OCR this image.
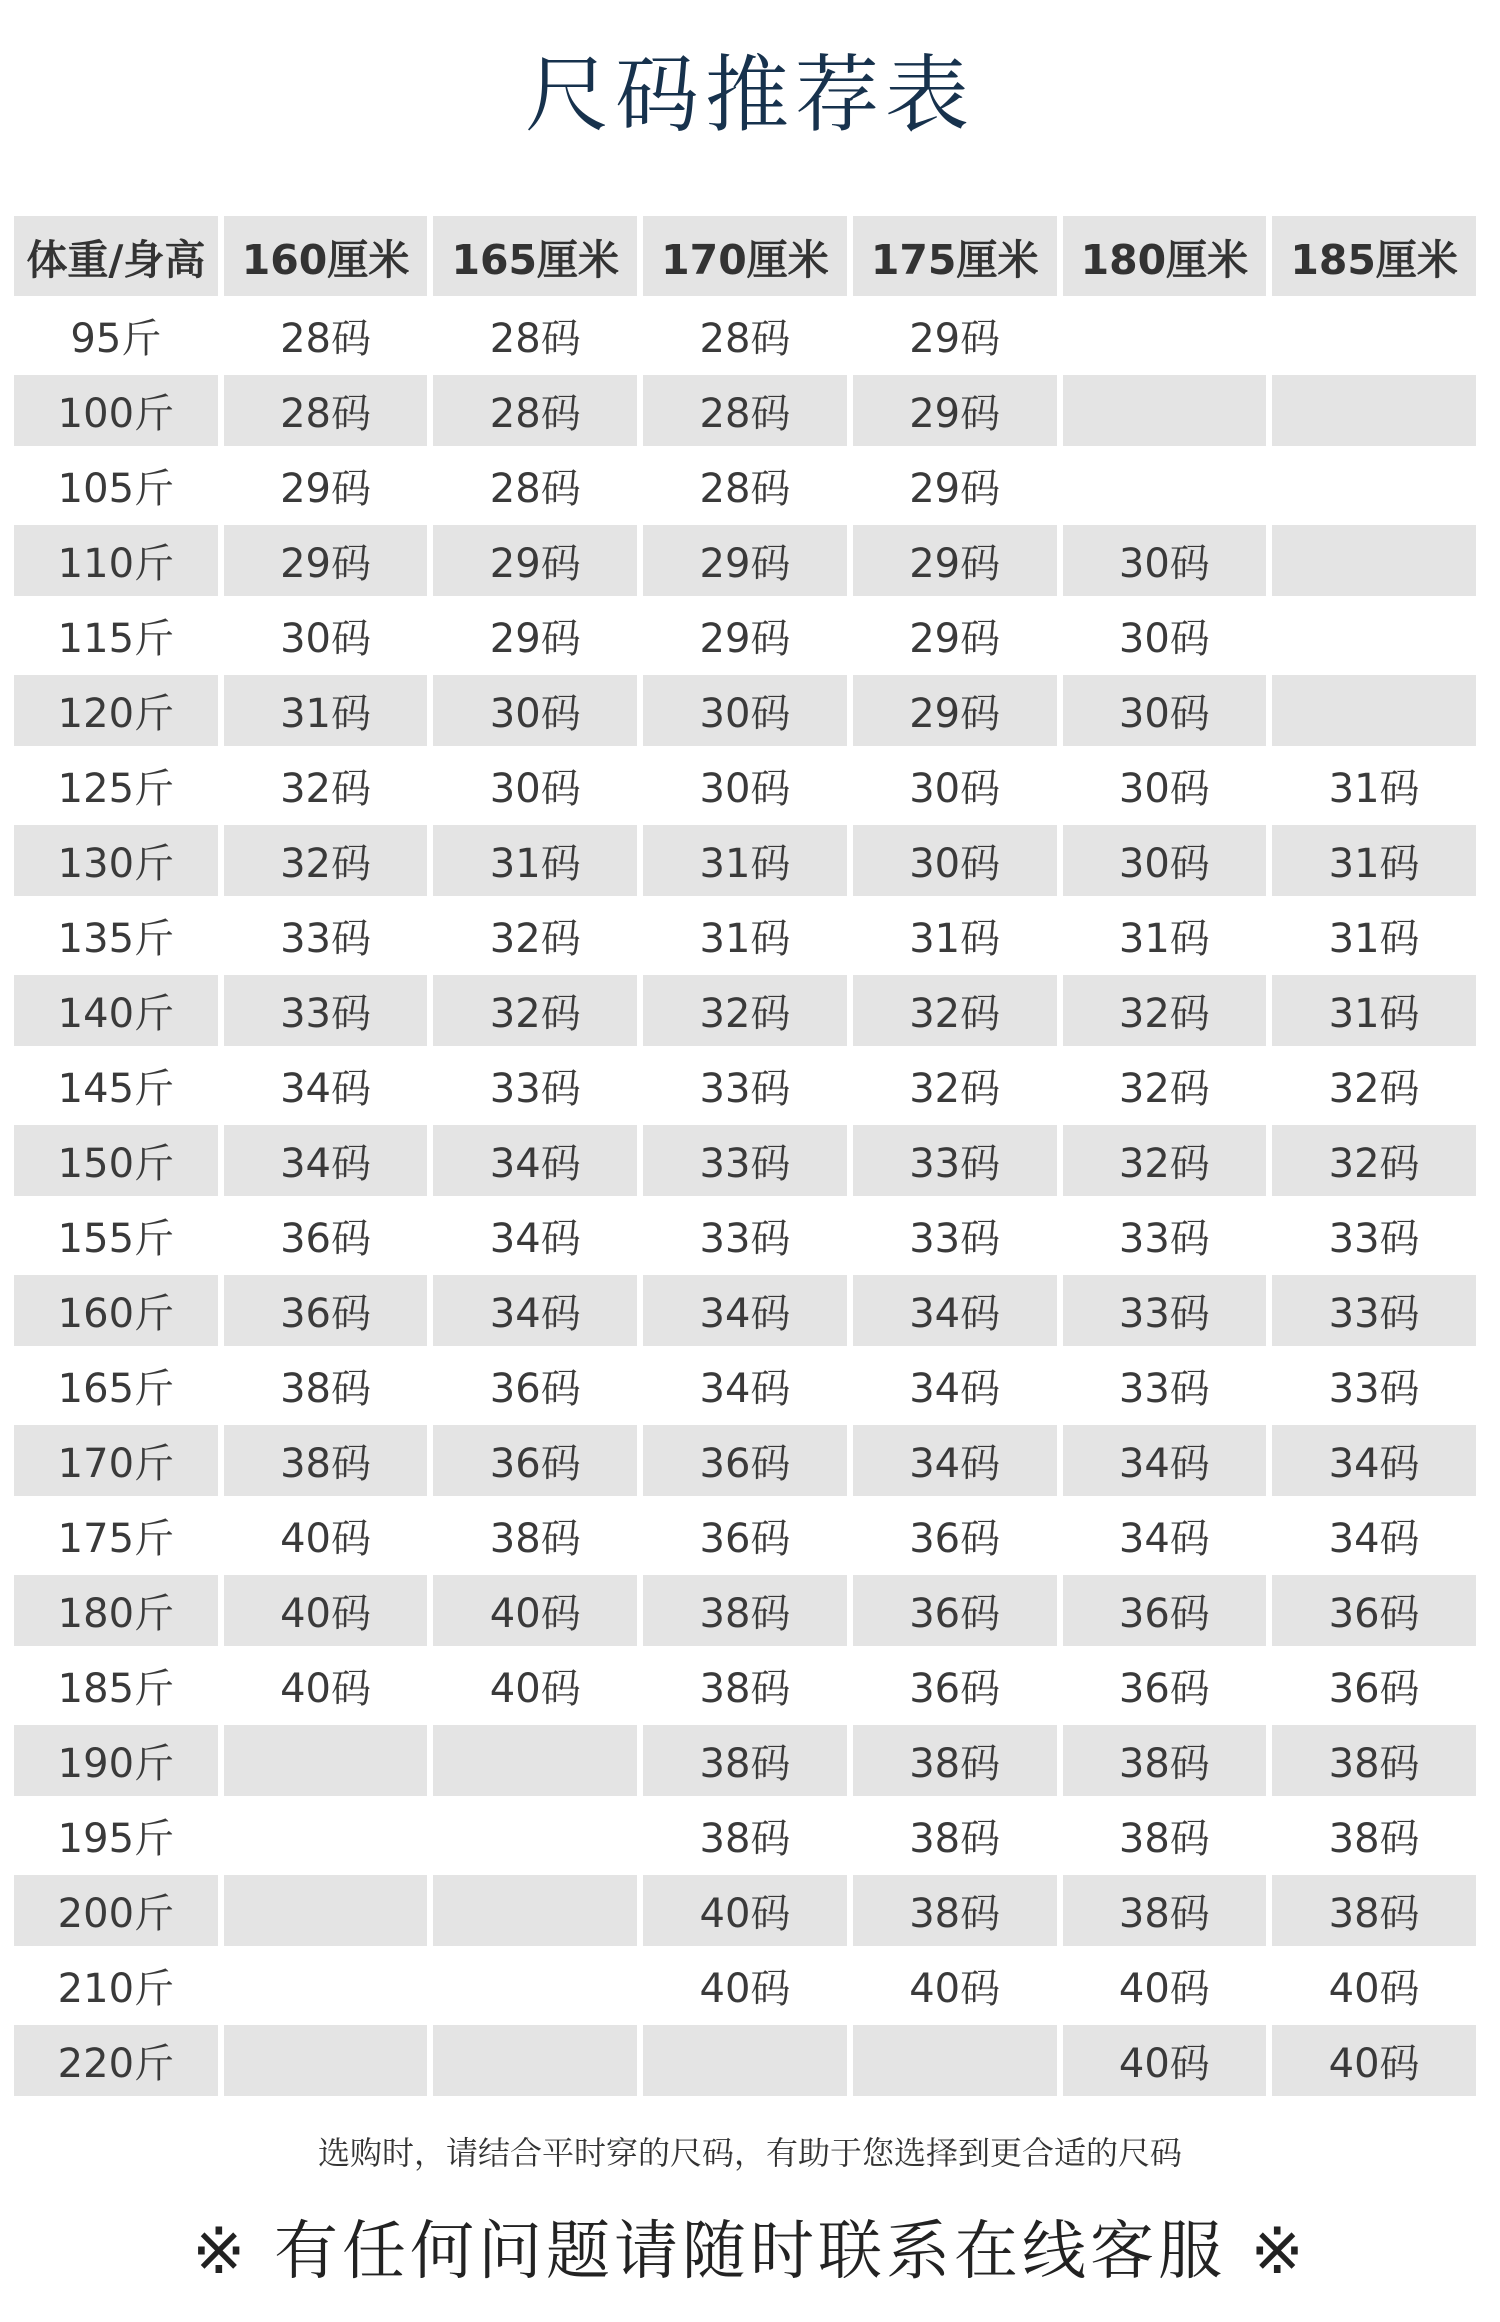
尺码推荐表
体重/身高	160厘米	165厘米	170厘米	175厘米	180厘米	185厘米
95斤	28码	28码	28码	29码		
100斤	28码	28码	28码	29码		
105斤	29码	28码	28码	29码		
110斤	29码	29码	29码	29码	30码	
115斤	30码	29码	29码	29码	30码	
120斤	31码	30码	30码	29码	30码	
125斤	32码	30码	30码	30码	30码	31码
130斤	32码	31码	31码	30码	30码	31码
135斤	33码	32码	31码	31码	31码	31码
140斤	33码	32码	32码	32码	32码	31码
145斤	34码	33码	33码	32码	32码	32码
150斤	34码	34码	33码	33码	32码	32码
155斤	36码	34码	33码	33码	33码	33码
160斤	36码	34码	34码	34码	33码	33码
165斤	38码	36码	34码	34码	33码	33码
170斤	38码	36码	36码	34码	34码	34码
175斤	40码	38码	36码	36码	34码	34码
180斤	40码	40码	38码	36码	36码	36码
185斤	40码	40码	38码	36码	36码	36码
190斤			38码	38码	38码	38码
195斤			38码	38码	38码	38码
200斤			40码	38码	38码	38码
210斤			40码	40码	40码	40码
220斤					40码	40码
选购时，请结合平时穿的尺码，有助于您选择到更合适的尺码
※ 有任何问题请随时联系在线客服 ※
